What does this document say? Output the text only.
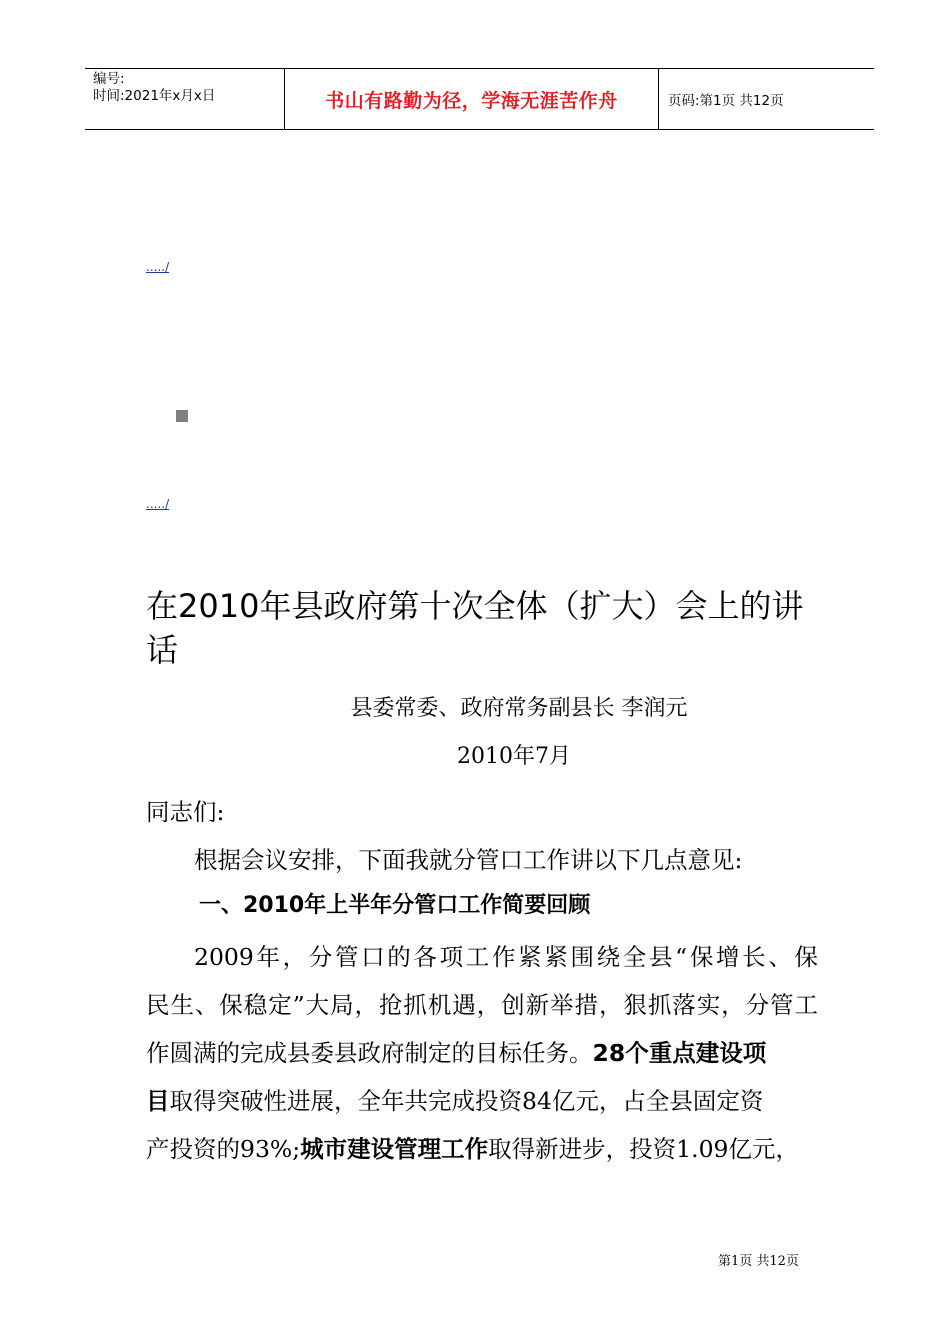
编号:
时间:2021年x月x日	书山有路勤为径，学海无涯苦作舟	页码:第1页 共12页
...../
...../
在2010年县政府第十次全体（扩大）会上的讲话
县委常委、政府常务副县长 李润元
2010年7月
同志们:
根据会议安排，下面我就分管口工作讲以下几点意见:
一、2010年上半年分管口工作简要回顾
2009年，分管口的各项工作紧紧围绕全县“保增长、保
民生、保稳定”大局，抢抓机遇，创新举措，狠抓落实，分管工
作圆满的完成县委县政府制定的目标任务。28个重点建设项
目取得突破性进展，全年共完成投资84亿元，占全县固定资
产投资的93%;城市建设管理工作取得新进步，投资1.09亿元，
第1页 共12页
